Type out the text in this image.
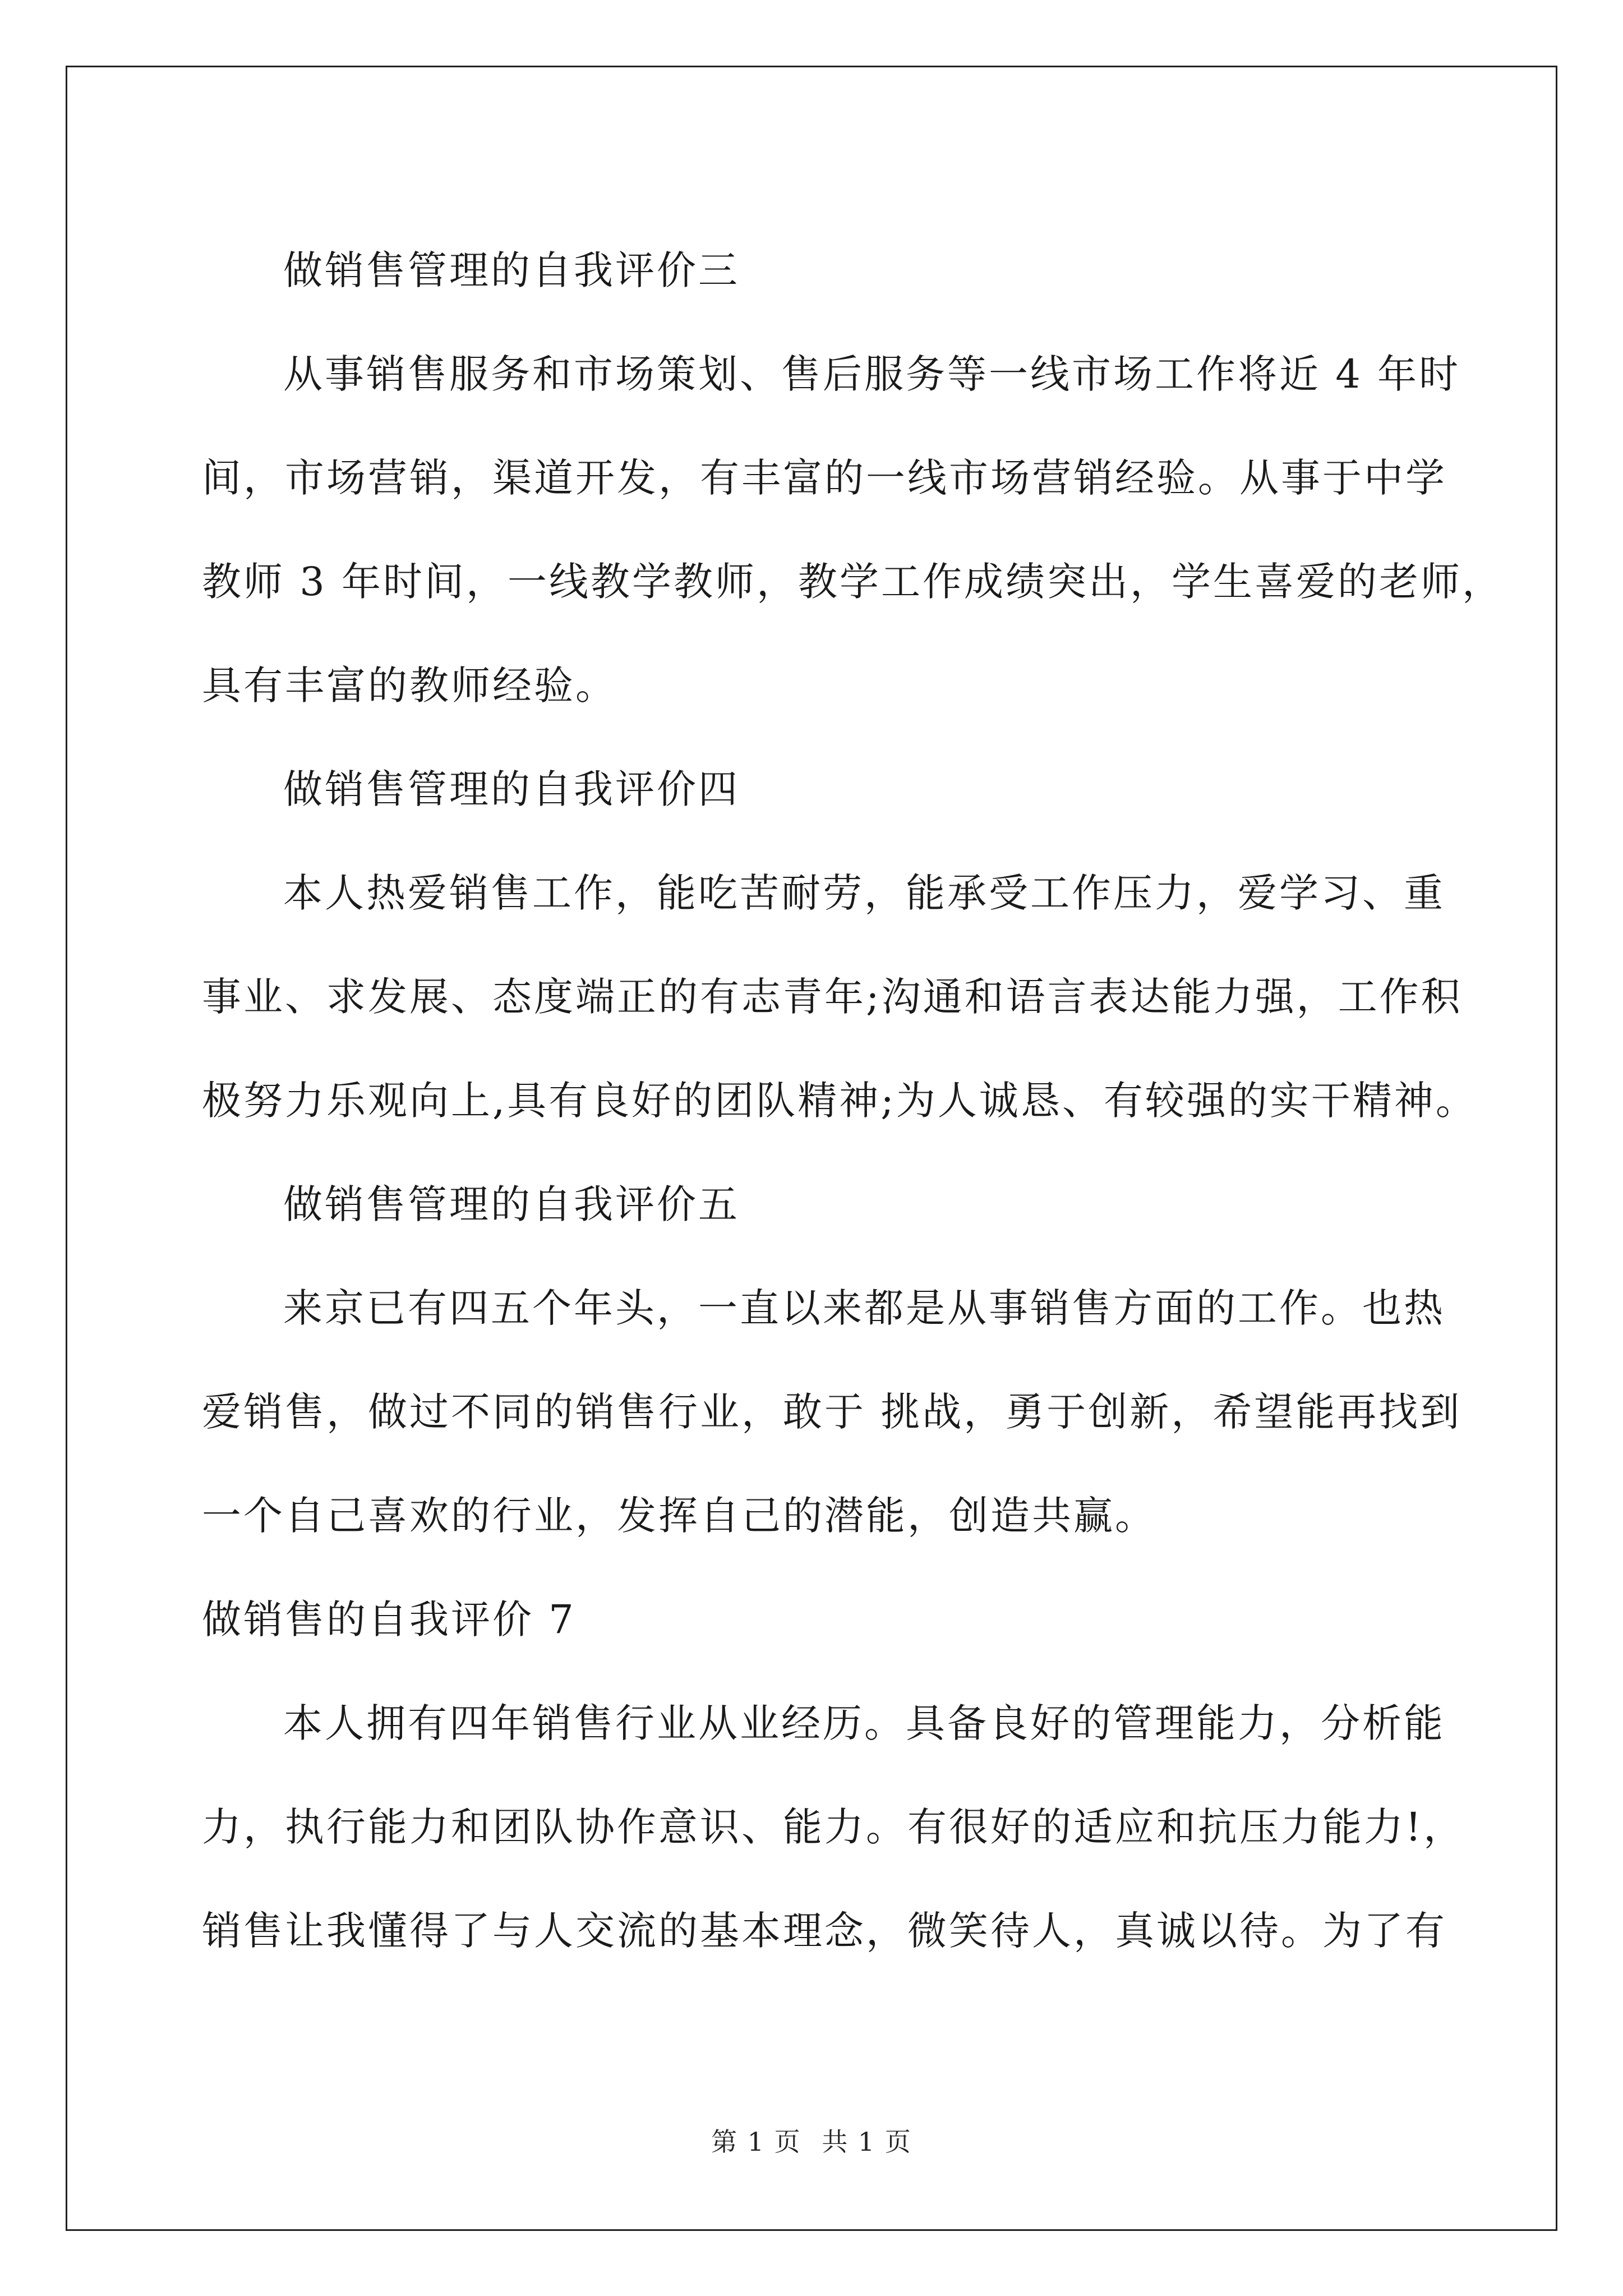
做销售管理的自我评价三

从事销售服务和市场策划、售后服务等一线市场工作将近 4 年时

间，市场营销，渠道开发，有丰富的一线市场营销经验。从事于中学

教师 3 年时间，一线教学教师，教学工作成绩突出，学生喜爱的老师，

具有丰富的教师经验。

做销售管理的自我评价四

本人热爱销售工作，能吃苦耐劳，能承受工作压力，爱学习、重

事业、求发展、态度端正的有志青年;沟通和语言表达能力强，工作积

极努力乐观向上,具有良好的团队精神;为人诚恳、有较强的实干精神。

做销售管理的自我评价五

来京已有四五个年头，一直以来都是从事销售方面的工作。也热

爱销售，做过不同的销售行业，敢于 挑战，勇于创新，希望能再找到

一个自己喜欢的行业，发挥自己的潜能，创造共赢。

做销售的自我评价 7

本人拥有四年销售行业从业经历。具备良好的管理能力，分析能

力，执行能力和团队协作意识、能力。有很好的适应和抗压力能力!，

销售让我懂得了与人交流的基本理念，微笑待人，真诚以待。为了有

第 1 页 共 1 页
